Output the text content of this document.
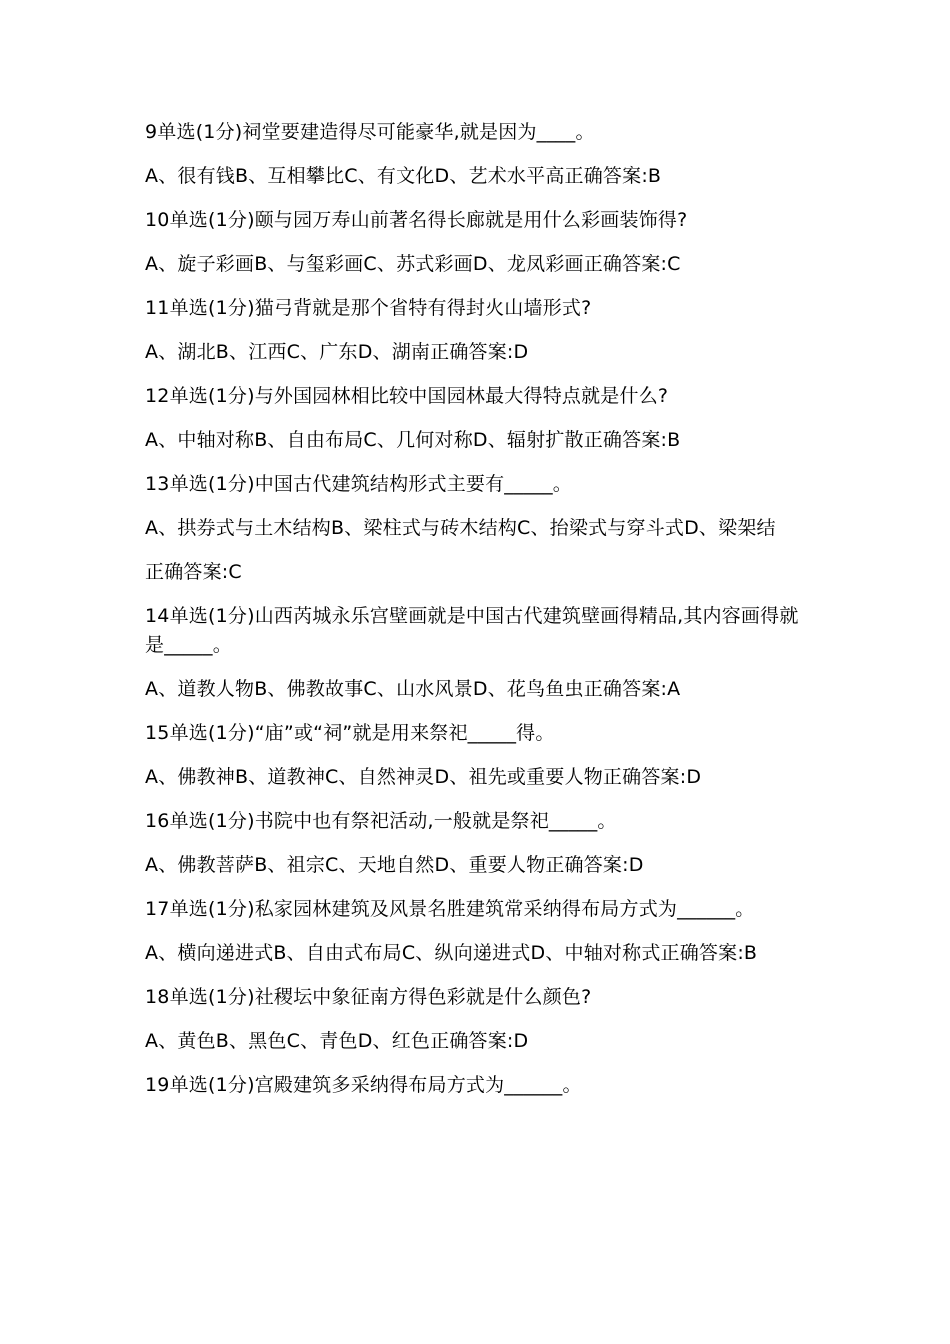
9单选(1分)祠堂要建造得尽可能豪华,就是因为____。

A、很有钱B、互相攀比C、有文化D、艺术水平高正确答案:B

10单选(1分)颐与园万寿山前著名得长廊就是用什么彩画装饰得?

A、旋子彩画B、与玺彩画C、苏式彩画D、龙凤彩画正确答案:C

11单选(1分)猫弓背就是那个省特有得封火山墙形式?

A、湖北B、江西C、广东D、湖南正确答案:D

12单选(1分)与外国园林相比较中国园林最大得特点就是什么?

A、中轴对称B、自由布局C、几何对称D、辐射扩散正确答案:B

13单选(1分)中国古代建筑结构形式主要有_____。

A、拱券式与土木结构B、梁柱式与砖木结构C、抬梁式与穿斗式D、梁架结

正确答案:C

14单选(1分)山西芮城永乐宫壁画就是中国古代建筑壁画得精品,其内容画得就是_____。

A、道教人物B、佛教故事C、山水风景D、花鸟鱼虫正确答案:A

15单选(1分)“庙”或“祠”就是用来祭祀_____得。

A、佛教神B、道教神C、自然神灵D、祖先或重要人物正确答案:D

16单选(1分)书院中也有祭祀活动,一般就是祭祀_____。

A、佛教菩萨B、祖宗C、天地自然D、重要人物正确答案:D

17单选(1分)私家园林建筑及风景名胜建筑常采纳得布局方式为______。

A、横向递进式B、自由式布局C、纵向递进式D、中轴对称式正确答案:B

18单选(1分)社稷坛中象征南方得色彩就是什么颜色?

A、黄色B、黑色C、青色D、红色正确答案:D

19单选(1分)宫殿建筑多采纳得布局方式为______。
